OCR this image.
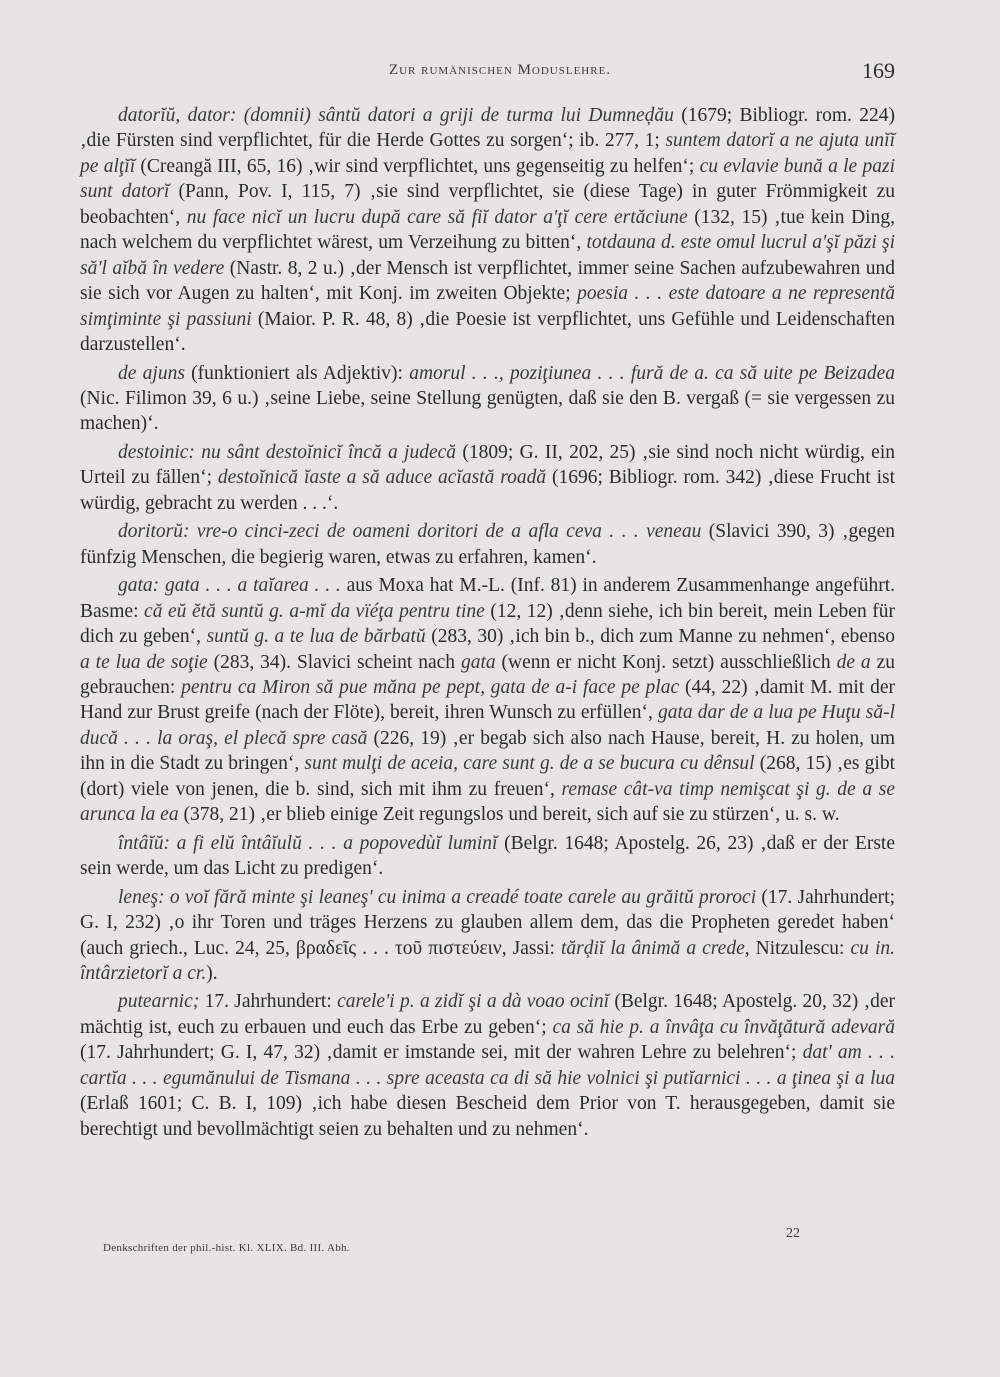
Zur rumänischen Moduslehre.	169

datorĭŭ, dator: (domnii) sântŭ datori a griji de turma lui Dumneḑău (1679; Bibliogr. rom. 224) ‚die Fürsten sind verpflichtet, für die Herde Gottes zu sorgen‘; ib. 277, 1; suntem datorĭ a ne ajuta unĭĭ pe alţĭĭ (Creangă III, 65, 16) ‚wir sind verpflichtet, uns gegenseitig zu helfen‘; cu evlavie bună a le pazi sunt datorĭ (Pann, Pov. I, 115, 7) ‚sie sind verpflichtet, sie (diese Tage) in guter Frömmigkeit zu beobachten‘, nu face nicĭ un lucru după care să fiĭ dator a'ţĭ cere ertăciune (132, 15) ‚tue kein Ding, nach welchem du verpflichtet wärest, um Verzeihung zu bitten‘, totdauna d. este omul lucrul a'şĭ păzi şi să'l aĭbă în vedere (Nastr. 8, 2 u.) ‚der Mensch ist verpflichtet, immer seine Sachen aufzubewahren und sie sich vor Augen zu halten‘, mit Konj. im zweiten Objekte; poesia . . . este datoare a ne representă simţiminte şi passiuni (Maior. P. R. 48, 8) ‚die Poesie ist verpflichtet, uns Gefühle und Leidenschaften darzustellen‘.

de ajuns (funktioniert als Adjektiv): amorul . . ., poziţiunea . . . fură de a. ca să uite pe Beizadea (Nic. Filimon 39, 6 u.) ‚seine Liebe, seine Stellung genügten, daß sie den B. vergaß (= sie vergessen zu machen)‘.

destoinic: nu sânt destoĭnicĭ încă a judecă (1809; G. II, 202, 25) ‚sie sind noch nicht würdig, ein Urteil zu fällen‘; destoĭnică ĭaste a să aduce acĭastă roadă (1696; Bibliogr. rom. 342) ‚diese Frucht ist würdig, gebracht zu werden . . .‘.

doritorŭ: vre-o cinci-zeci de oameni doritori de a afla ceva . . . veneau (Slavici 390, 3) ‚gegen fünfzig Menschen, die begierig waren, etwas zu erfahren, kamen‘.

gata: gata . . . a taĭarea . . . aus Moxa hat M.-L. (Inf. 81) in anderem Zusammenhange angeführt. Basme: că eŭ ĕtă suntŭ g. a-mĭ da vïéţa pentru tine (12, 12) ‚denn siehe, ich bin bereit, mein Leben für dich zu geben‘, suntŭ g. a te lua de bărbatŭ (283, 30) ‚ich bin b., dich zum Manne zu nehmen‘, ebenso a te lua de soţie (283, 34). Slavici scheint nach gata (wenn er nicht Konj. setzt) ausschließlich de a zu gebrauchen: pentru ca Miron să pue măna pe pept, gata de a-i face pe plac (44, 22) ‚damit M. mit der Hand zur Brust greife (nach der Flöte), bereit, ihren Wunsch zu erfüllen‘, gata dar de a lua pe Huţu să-l ducă . . . la oraş, el plecă spre casă (226, 19) ‚er begab sich also nach Hause, bereit, H. zu holen, um ihn in die Stadt zu bringen‘, sunt mulţi de aceia, care sunt g. de a se bucura cu dênsul (268, 15) ‚es gibt (dort) viele von jenen, die b. sind, sich mit ihm zu freuen‘, remase cât-va timp nemişcat şi g. de a se arunca la ea (378, 21) ‚er blieb einige Zeit regungslos und bereit, sich auf sie zu stürzen‘, u. s. w.

întâĭŭ: a fi elŭ întâĭulŭ . . . a popovedùĭ luminĭ (Belgr. 1648; Apostelg. 26, 23) ‚daß er der Erste sein werde, um das Licht zu predigen‘.

leneş: o voĭ fără minte şi leaneş' cu inima a creadé toate carele au grăitŭ proroci (17. Jahrhundert; G. I, 232) ‚o ihr Toren und träges Herzens zu glauben allem dem, das die Propheten geredet haben‘ (auch griech., Luc. 24, 25, βραδεῖς . . . τοῦ πιστεύειν, Jassi: tărḑiĭ la ânimă a crede, Nitzulescu: cu in. întârzietorĭ a cr.).

putearnic; 17. Jahrhundert: carele'i p. a zidĭ şi a dà voao ocinĭ (Belgr. 1648; Apostelg. 20, 32) ‚der mächtig ist, euch zu erbauen und euch das Erbe zu geben‘; ca să hie p. a învâţa cu învăţătură adevară (17. Jahrhundert; G. I, 47, 32) ‚damit er imstande sei, mit der wahren Lehre zu belehren‘; dat' am . . . cartĭa . . . egumănului de Tismana . . . spre aceasta ca di să hie volnici şi putĭarnici . . . a ţinea şi a lua (Erlaß 1601; C. B. I, 109) ‚ich habe diesen Bescheid dem Prior von T. herausgegeben, damit sie berechtigt und bevollmächtigt seien zu behalten und zu nehmen‘.

Denkschriften der phil.-hist. Kl. XLIX. Bd. III. Abh.
22
